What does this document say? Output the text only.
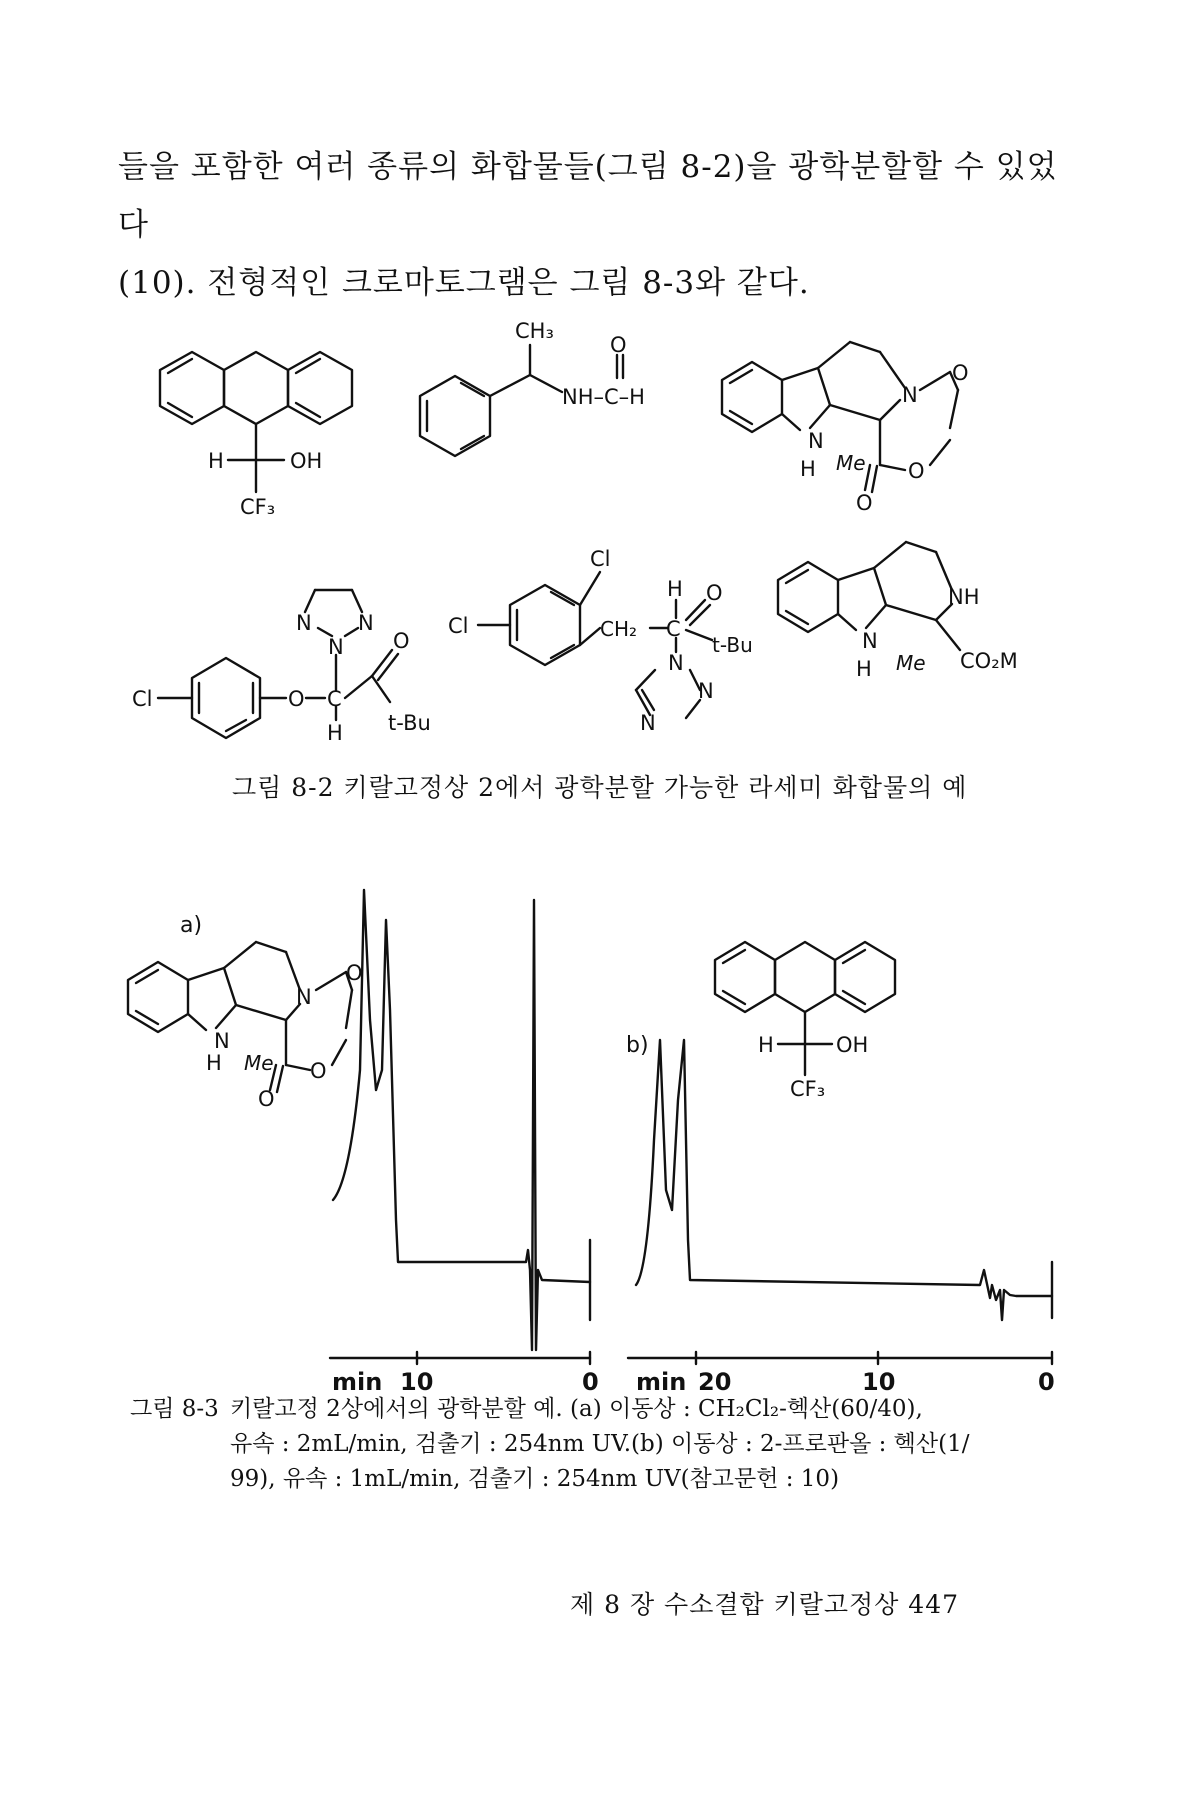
들을 포함한 여러 종류의 화합물들(그림 8-2)을 광학분할할 수 있었다

(10). 전형적인 크로마토그램은 그림 8-3와 같다.

H	OH
CF₃
CH₃
O
NH–C–H
N
H Me
N
O
O
O
Cl	O C
H
O
t-Bu
N N
N
Cl
Cl	CH₂ C
H O
t-Bu
N
N
N
N
H
NH
Me CO₂M
a)
N
H Me
N
O
O
O
min 10	0
b)	H	OH
CF₃
min 20	10	0
그림 8-2 키랄고정상 2에서 광학분할 가능한 라세미 화합물의 예
그림 8-3 키랄고정 2상에서의 광학분할 예. (a) 이동상 : CH₂Cl₂-헥산(60/40),
유속 : 2mL/min, 검출기 : 254nm UV.(b) 이동상 : 2-프로판올 : 헥산(1/
99), 유속 : 1mL/min, 검출기 : 254nm UV(참고문헌 : 10)
제 8 장 수소결합 키랄고정상 447
